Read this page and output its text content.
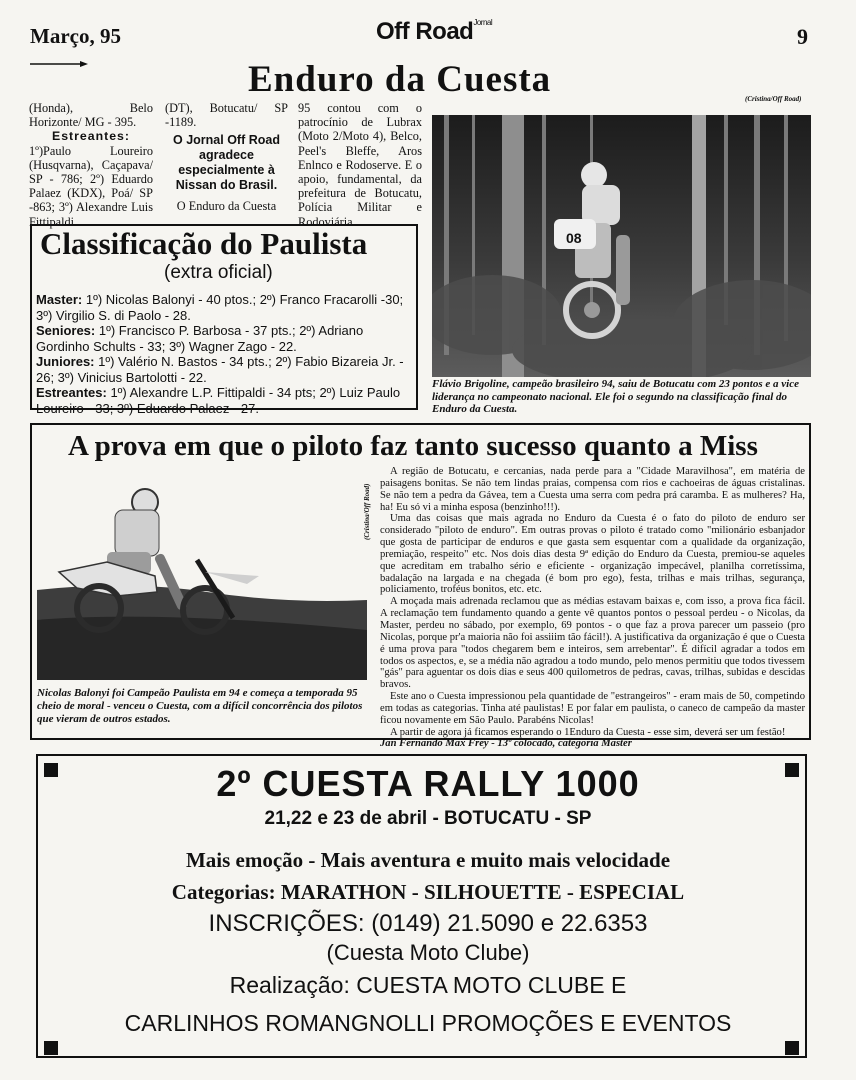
Março, 95	Off Road$^{Jornal}$
9
Enduro da Cuesta
(Honda), Belo Horizonte/ MG - 395.
Estreantes:
1º)Paulo Loureiro (Husqvarna), Caçapava/ SP - 786; 2º) Eduardo Palaez (KDX), Poá/ SP -863; 3º) Alexandre Luis Fittipaldi
(DT), Botucatu/ SP -1189.
O Jornal Off Road agradece especialmente à Nissan do Brasil.
O Enduro da Cuesta
95 contou com o patrocínio de Lubrax (Moto 2/Moto 4), Belco, Peel's Bleffe, Aros Enlnco e Rodoserve. E o apoio, fundamental, da prefeitura de Botucatu, Polícia Militar e Rodoviária.
(Cristina/Off Road)
08
Flávio Brigoline, campeão brasileiro 94, saiu de Botucatu com 23 pontos e a vice liderança no campeonato nacional. Ele foi o segundo na classificação final do Enduro da Cuesta.
Classificação do Paulista
(extra oficial)
Master: 1º) Nicolas Balonyi - 40 ptos.; 2º) Franco Fracarolli -30; 3º) Virgilio S. di Paolo - 28.
Seniores: 1º) Francisco P. Barbosa - 37 pts.; 2º) Adriano Gordinho Schults - 33; 3º) Wagner Zago - 22.
Juniores: 1º) Valério N. Bastos - 34 pts.; 2º) Fabio Bizareia Jr. - 26; 3º) Vinicius Bartolotti - 22.
Estreantes: 1º) Alexandre L.P. Fittipaldi - 34 pts; 2º) Luiz Paulo Loureiro - 33; 3º) Eduardo Palaez - 27.
A prova em que o piloto faz tanto sucesso quanto a Miss
(Cristina/Off Road)
Nicolas Balonyi foi Campeão Paulista em 94 e começa a temporada 95 cheio de moral - venceu o Cuesta, com a difícil concorrência dos pilotos que vieram de outros estados.

A região de Botucatu, e cercanias, nada perde para a "Cidade Maravilhosa", em matéria de paisagens bonitas. Se não tem lindas praias, compensa com rios e cachoeiras de águas cristalinas. Se não tem a pedra da Gávea, tem a Cuesta uma serra com pedra prá caramba. E as mulheres? Ha, ha! Eu só vi a minha esposa (benzinho!!!).

Uma das coisas que mais agrada no Enduro da Cuesta é o fato do piloto de enduro ser considerado "piloto de enduro". Em outras provas o piloto é tratado como "milionário esbanjador que gosta de participar de enduros e que gasta sem esquentar com a qualidade da organização, premiação, respeito" etc. Nos dois dias desta 9ª edição do Enduro da Cuesta, premiou-se aqueles que acreditam em trabalho sério e eficiente - organização impecável, planilha corretíssima, badalação na largada e na chegada (é bom pro ego), festa, trilhas e mais trilhas, segurança, policiamento, troféus bonitos, etc. etc.

A moçada mais adrenada reclamou que as médias estavam baixas e, com isso, a prova fica fácil. A reclamação tem fundamento quando a gente vê quantos pontos o pessoal perdeu - o Nicolas, da Master, perdeu no sábado, por exemplo, 69 pontos - o que faz a prova parecer um passeio (pro Nicolas, porque pr'a maioria não foi assiiim tão fácil!). A justificativa da organização é que o Cuesta é uma prova para "todos chegarem bem e inteiros, sem arrebentar". É difícil agradar a todos em todos os aspectos, e, se a média não agradou a todo mundo, pelo menos permitiu que todos tivessem "gás" para aguentar os dois dias e seus 400 quilometros de pedras, cavas, trilhas, subidas e descidas bravos.

Este ano o Cuesta impressionou pela quantidade de "estrangeiros" - eram mais de 50, competindo em todas as categorias. Tinha até paulistas! E por falar em paulista, o caneco de campeão da master ficou novamente em São Paulo. Parabéns Nicolas!

A partir de agora já ficamos esperando o 1Enduro da Cuesta - esse sim, deverá ser um festão!

Jan Fernando Max Frey - 13º colocado, categoria Master
2º CUESTA RALLY 1000
21,22 e 23 de abril - BOTUCATU - SP
Mais emoção - Mais aventura e muito mais velocidade
Categorias: MARATHON - SILHOUETTE - ESPECIAL
INSCRIÇÕES: (0149) 21.5090 e 22.6353
(Cuesta Moto Clube)
Realização: CUESTA MOTO CLUBE E
CARLINHOS ROMANGNOLLI PROMOÇÕES E EVENTOS
